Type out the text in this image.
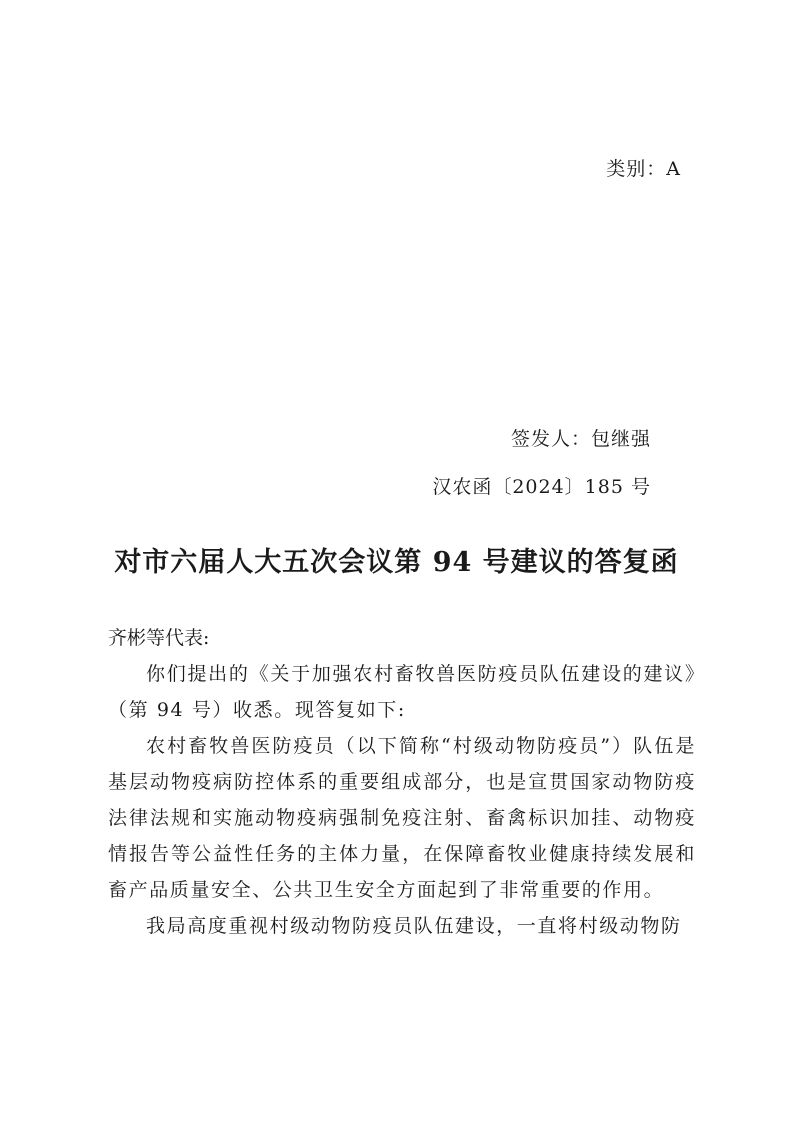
类别：A
签发人：包继强
汉农函〔2024〕185 号
对市六届人大五次会议第 94 号建议的答复函

齐彬等代表:

你们提出的《关于加强农村畜牧兽医防疫员队伍建设的建议》（第 94 号）收悉。现答复如下:

农村畜牧兽医防疫员（以下简称“村级动物防疫员”）队伍是基层动物疫病防控体系的重要组成部分，也是宣贯国家动物防疫法律法规和实施动物疫病强制免疫注射、畜禽标识加挂、动物疫情报告等公益性任务的主体力量，在保障畜牧业健康持续发展和畜产品质量安全、公共卫生安全方面起到了非常重要的作用。

我局高度重视村级动物防疫员队伍建设，一直将村级动物防
